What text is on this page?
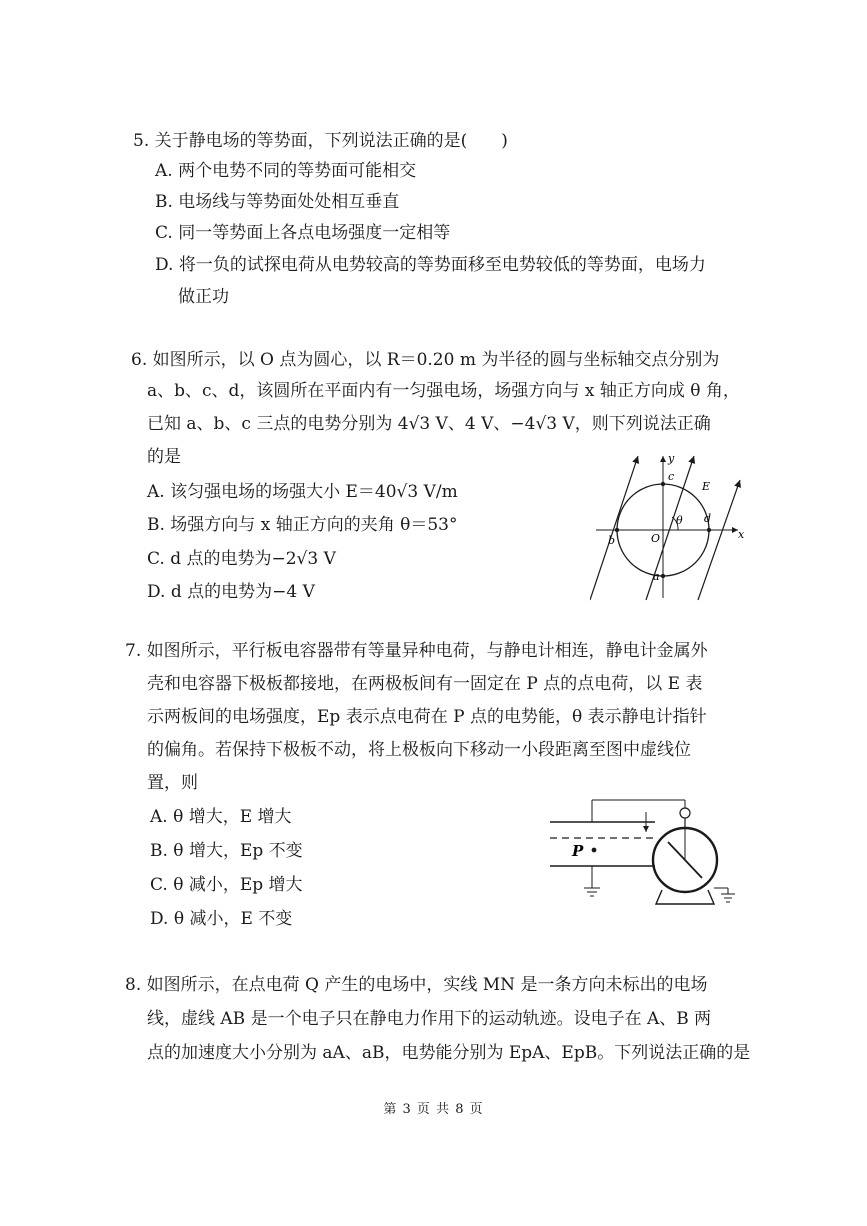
5. 关于静电场的等势面，下列说法正确的是(　　)
A. 两个电势不同的等势面可能相交
B. 电场线与等势面处处相互垂直
C. 同一等势面上各点电场强度一定相等
D. 将一负的试探电荷从电势较高的等势面移至电势较低的等势面，电场力
做正功
6. 如图所示，以 O 点为圆心，以 R＝0.20 m 为半径的圆与坐标轴交点分别为
a、b、c、d，该圆所在平面内有一匀强电场，场强方向与 x 轴正方向成 θ 角，
已知 a、b、c 三点的电势分别为 4√3 V、4 V、−4√3 V，则下列说法正确
的是
A. 该匀强电场的场强大小 E＝40√3 V/m
B. 场强方向与 x 轴正方向的夹角 θ＝53°
C. d 点的电势为−2√3 V
D. d 点的电势为−4 V
y
x
c
E
θ d
O
b
a
7. 如图所示，平行板电容器带有等量异种电荷，与静电计相连，静电计金属外
壳和电容器下极板都接地，在两极板间有一固定在 P 点的点电荷，以 E 表
示两板间的电场强度，Ep 表示点电荷在 P 点的电势能，θ 表示静电计指针
的偏角。若保持下极板不动，将上极板向下移动一小段距离至图中虚线位
置，则
A. θ 增大，E 增大
B. θ 增大，Ep 不变
C. θ 减小，Ep 增大
D. θ 减小，E 不变
P
8. 如图所示，在点电荷 Q 产生的电场中，实线 MN 是一条方向未标出的电场
线，虚线 AB 是一个电子只在静电力作用下的运动轨迹。设电子在 A、B 两
点的加速度大小分别为 aA、aB，电势能分别为 EpA、EpB。下列说法正确的是
第 3 页 共 8 页
